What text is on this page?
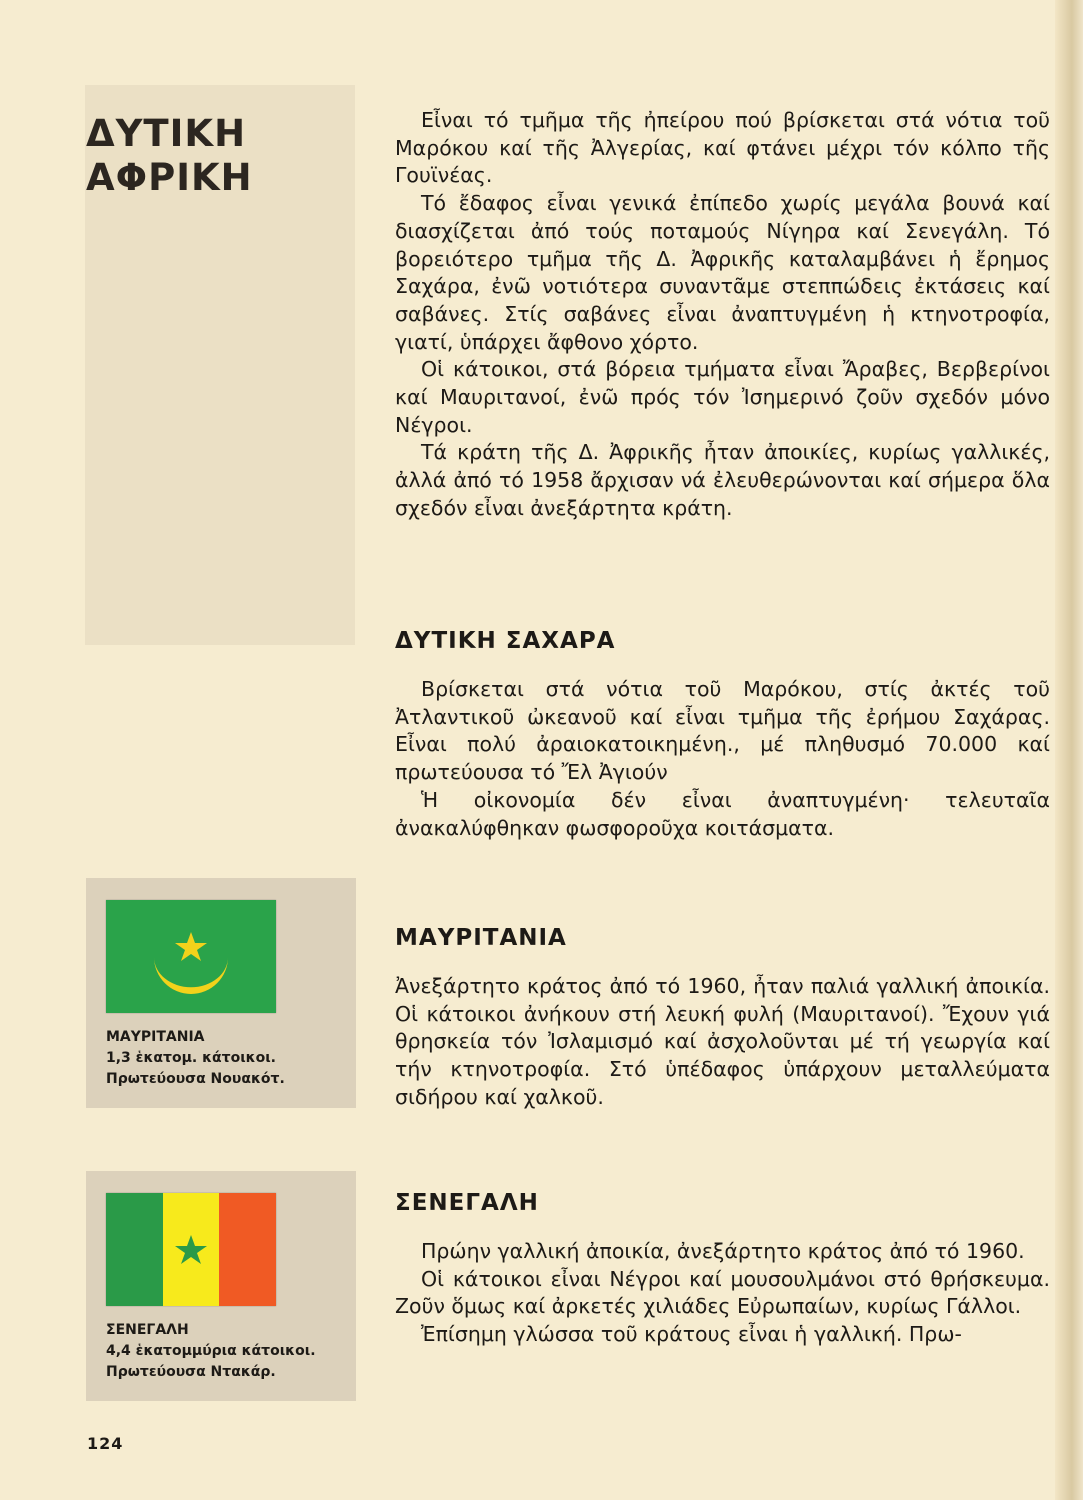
ΔΥΤΙΚΗ
ΑΦΡΙΚΗ

Εἶναι τό τμῆμα τῆς ἠπείρου πού βρίσκεται στά νότια τοῦ Μαρόκου καί τῆς Ἀλγερίας, καί φτάνει μέχρι τόν κόλπο τῆς Γουϊνέας.

Τό ἔδαφος εἶναι γενικά ἐπίπεδο χωρίς μεγάλα βουνά καί διασχίζεται ἀπό τούς ποταμούς Νίγηρα καί Σενεγάλη. Τό βορειότερο τμῆμα τῆς Δ. Ἀφρικῆς καταλαμβάνει ἡ ἔρημος Σαχάρα, ἐνῶ νοτιότερα συναντᾶμε στεππώδεις ἐκτάσεις καί σαβάνες. Στίς σαβάνες εἶναι ἀναπτυγμένη ἡ κτηνοτροφία, γιατί, ὑπάρχει ἄφθονο χόρτο.

Οἱ κάτοικοι, στά βόρεια τμήματα εἶναι Ἄραβες, Βερβερίνοι καί Μαυριτανοί, ἐνῶ πρός τόν Ἰσημερινό ζοῦν σχεδόν μόνο Νέγροι.

Τά κράτη τῆς Δ. Ἀφρικῆς ἦταν ἀποικίες, κυρίως γαλλικές, ἀλλά ἀπό τό 1958 ἄρχισαν νά ἐλευθερώνονται καί σήμερα ὅλα σχεδόν εἶναι ἀνεξάρτητα κράτη.

ΔΥΤΙΚΗ ΣΑΧΑΡΑ

Βρίσκεται στά νότια τοῦ Μαρόκου, στίς ἀκτές τοῦ Ἀτλαντικοῦ ὠκεανοῦ καί εἶναι τμῆμα τῆς ἐρήμου Σαχάρας. Εἶναι πολύ ἀραιοκατοικημένη., μέ πληθυσμό 70.000 καί πρωτεύουσα τό Ἔλ Ἀγιούν

Ἡ οἰκονομία δέν εἶναι ἀναπτυγμένη· τελευταῖα ἀνακαλύφθηκαν φωσφοροῦχα κοιτάσματα.

ΜΑΥΡΙΤΑΝΙΑ

Ἀνεξάρτητο κράτος ἀπό τό 1960, ἦταν παλιά γαλλική ἀποικία. Οἱ κάτοικοι ἀνήκουν στή λευκή φυλή (Μαυριτανοί). Ἔχουν γιά θρησκεία τόν Ἰσλαμισμό καί ἀσχολοῦνται μέ τή γεωργία καί τήν κτηνοτροφία. Στό ὑπέδαφος ὑπάρχουν μεταλλεύματα σιδήρου καί χαλκοῦ.

ΣΕΝΕΓΑΛΗ

Πρώην γαλλική ἀποικία, ἀνεξάρτητο κράτος ἀπό τό 1960.

Οἱ κάτοικοι εἶναι Νέγροι καί μουσουλμάνοι στό θρήσκευμα. Ζοῦν ὅμως καί ἀρκετές χιλιάδες Εὐρωπαίων, κυρίως Γάλλοι.

Ἐπίσημη γλώσσα τοῦ κράτους εἶναι ἡ γαλλική. Πρω-

ΜΑΥΡΙΤΑΝΙΑ
1,3 ἑκατομ. κάτοικοι.
Πρωτεύουσα Νουακότ.
ΣΕΝΕΓΑΛΗ
4,4 ἑκατομμύρια κάτοικοι.
Πρωτεύουσα Ντακάρ.
124
